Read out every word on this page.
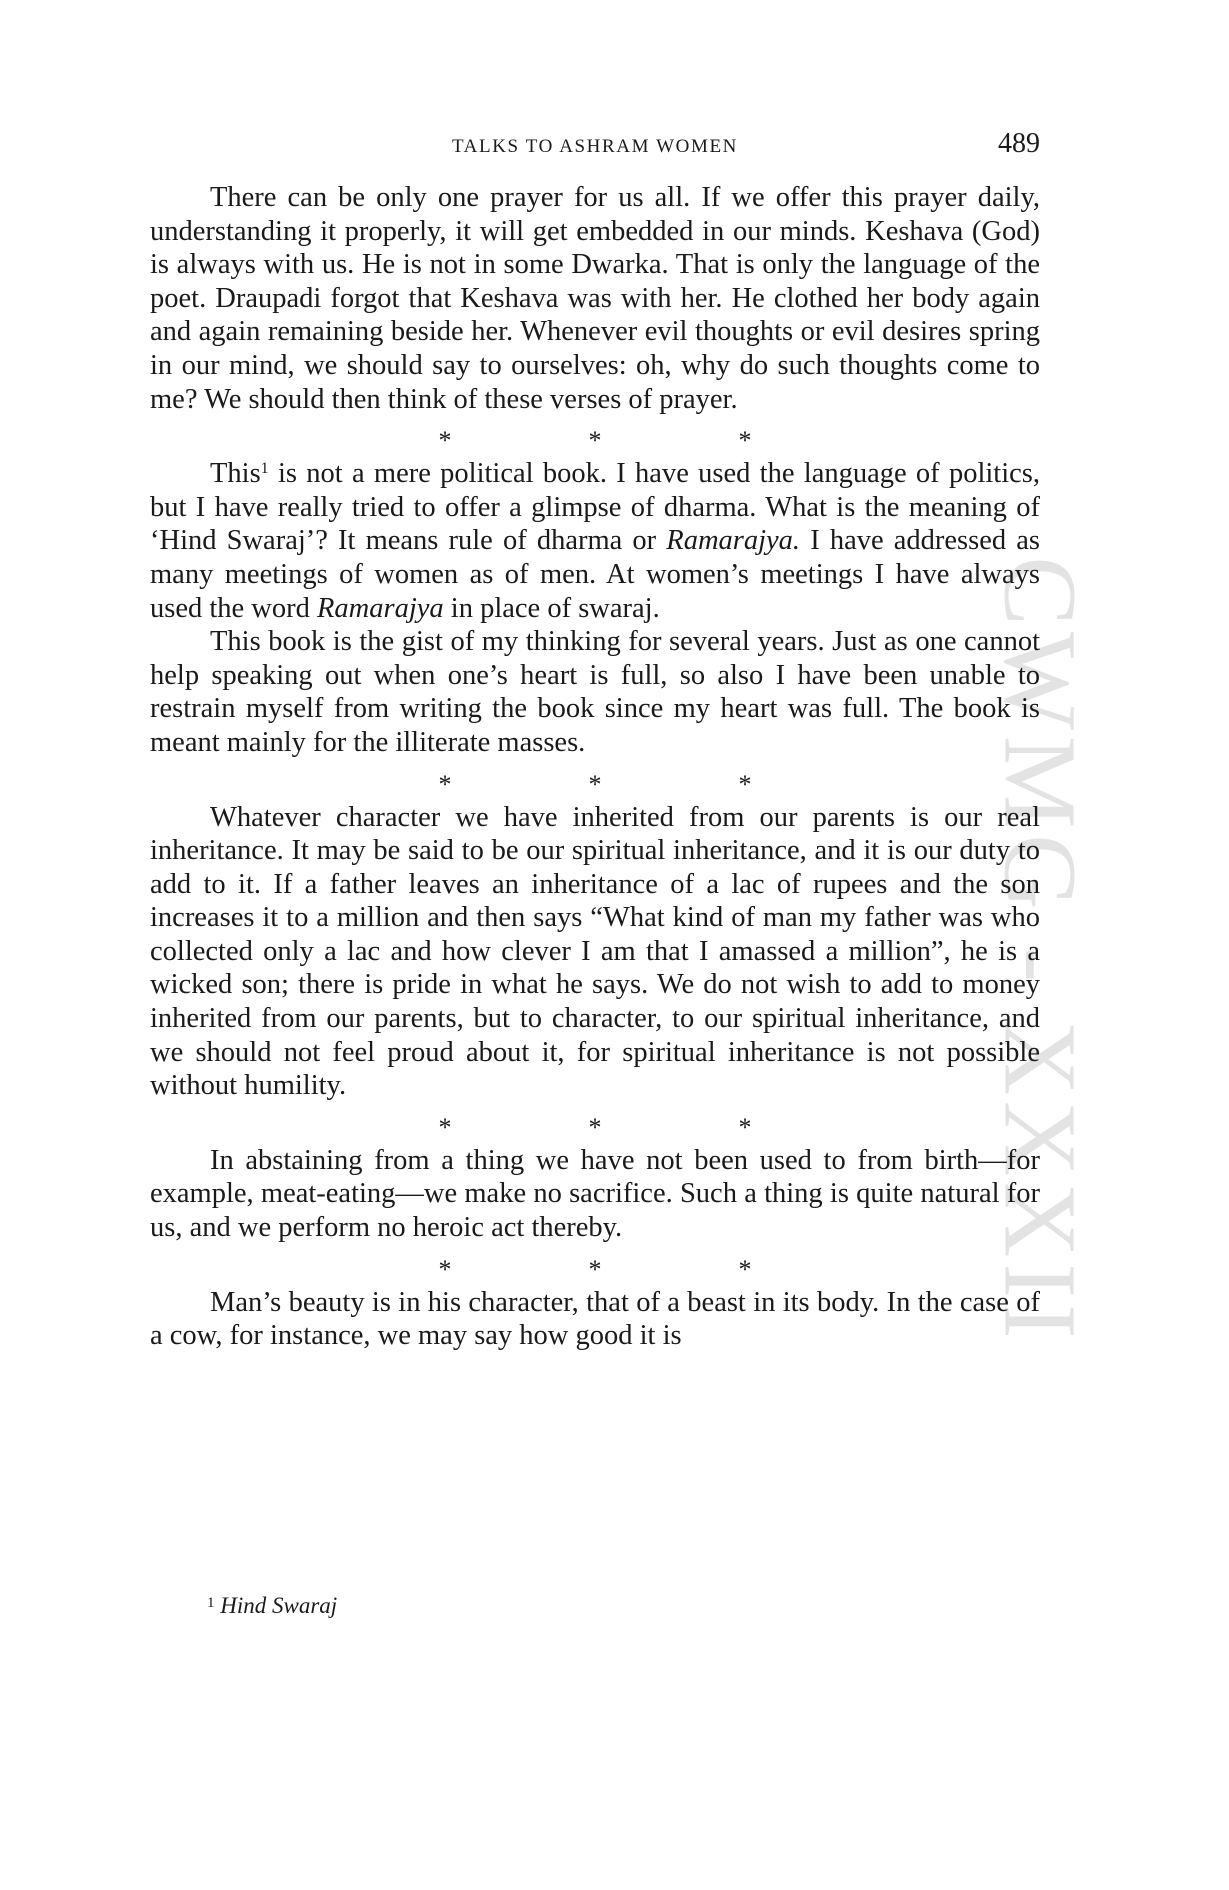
CWMG - XXXII
TALKS TO ASHRAM WOMEN	489

There can be only one prayer for us all. If we offer this prayer daily, understanding it properly, it will get embedded in our minds. Keshava (God) is always with us. He is not in some Dwarka. That is only the language of the poet. Draupadi forgot that Keshava was with her. He clothed her body again and again remaining beside her. Whenever evil thoughts or evil desires spring in our mind, we should say to ourselves: oh, why do such thoughts come to me? We should then think of these verses of prayer.

*	*	*

This$^1$ is not a mere political book. I have used the language of politics, but I have really tried to offer a glimpse of dharma. What is the meaning of ‘Hind Swaraj’? It means rule of dharma or Ramarajya. I have addressed as many meetings of women as of men. At women’s meetings I have always used the word Ramarajya in place of swaraj.

This book is the gist of my thinking for several years. Just as one cannot help speaking out when one’s heart is full, so also I have been unable to restrain myself from writing the book since my heart was full. The book is meant mainly for the illiterate masses.

*	*	*

Whatever character we have inherited from our parents is our real inheritance. It may be said to be our spiritual inheritance, and it is our duty to add to it. If a father leaves an inheritance of a lac of rupees and the son increases it to a million and then says “What kind of man my father was who collected only a lac and how clever I am that I amassed a million”, he is a wicked son; there is pride in what he says. We do not wish to add to money inherited from our parents, but to character, to our spiritual inheritance, and we should not feel proud about it, for spiritual inheritance is not possible without humility.

*	*	*

In abstaining from a thing we have not been used to from birth—for example, meat-eating—we make no sacrifice. Such a thing is quite natural for us, and we perform no heroic act thereby.

*	*	*

Man’s beauty is in his character, that of a beast in its body. In the case of a cow, for instance, we may say how good it is

$^1$ Hind Swaraj
